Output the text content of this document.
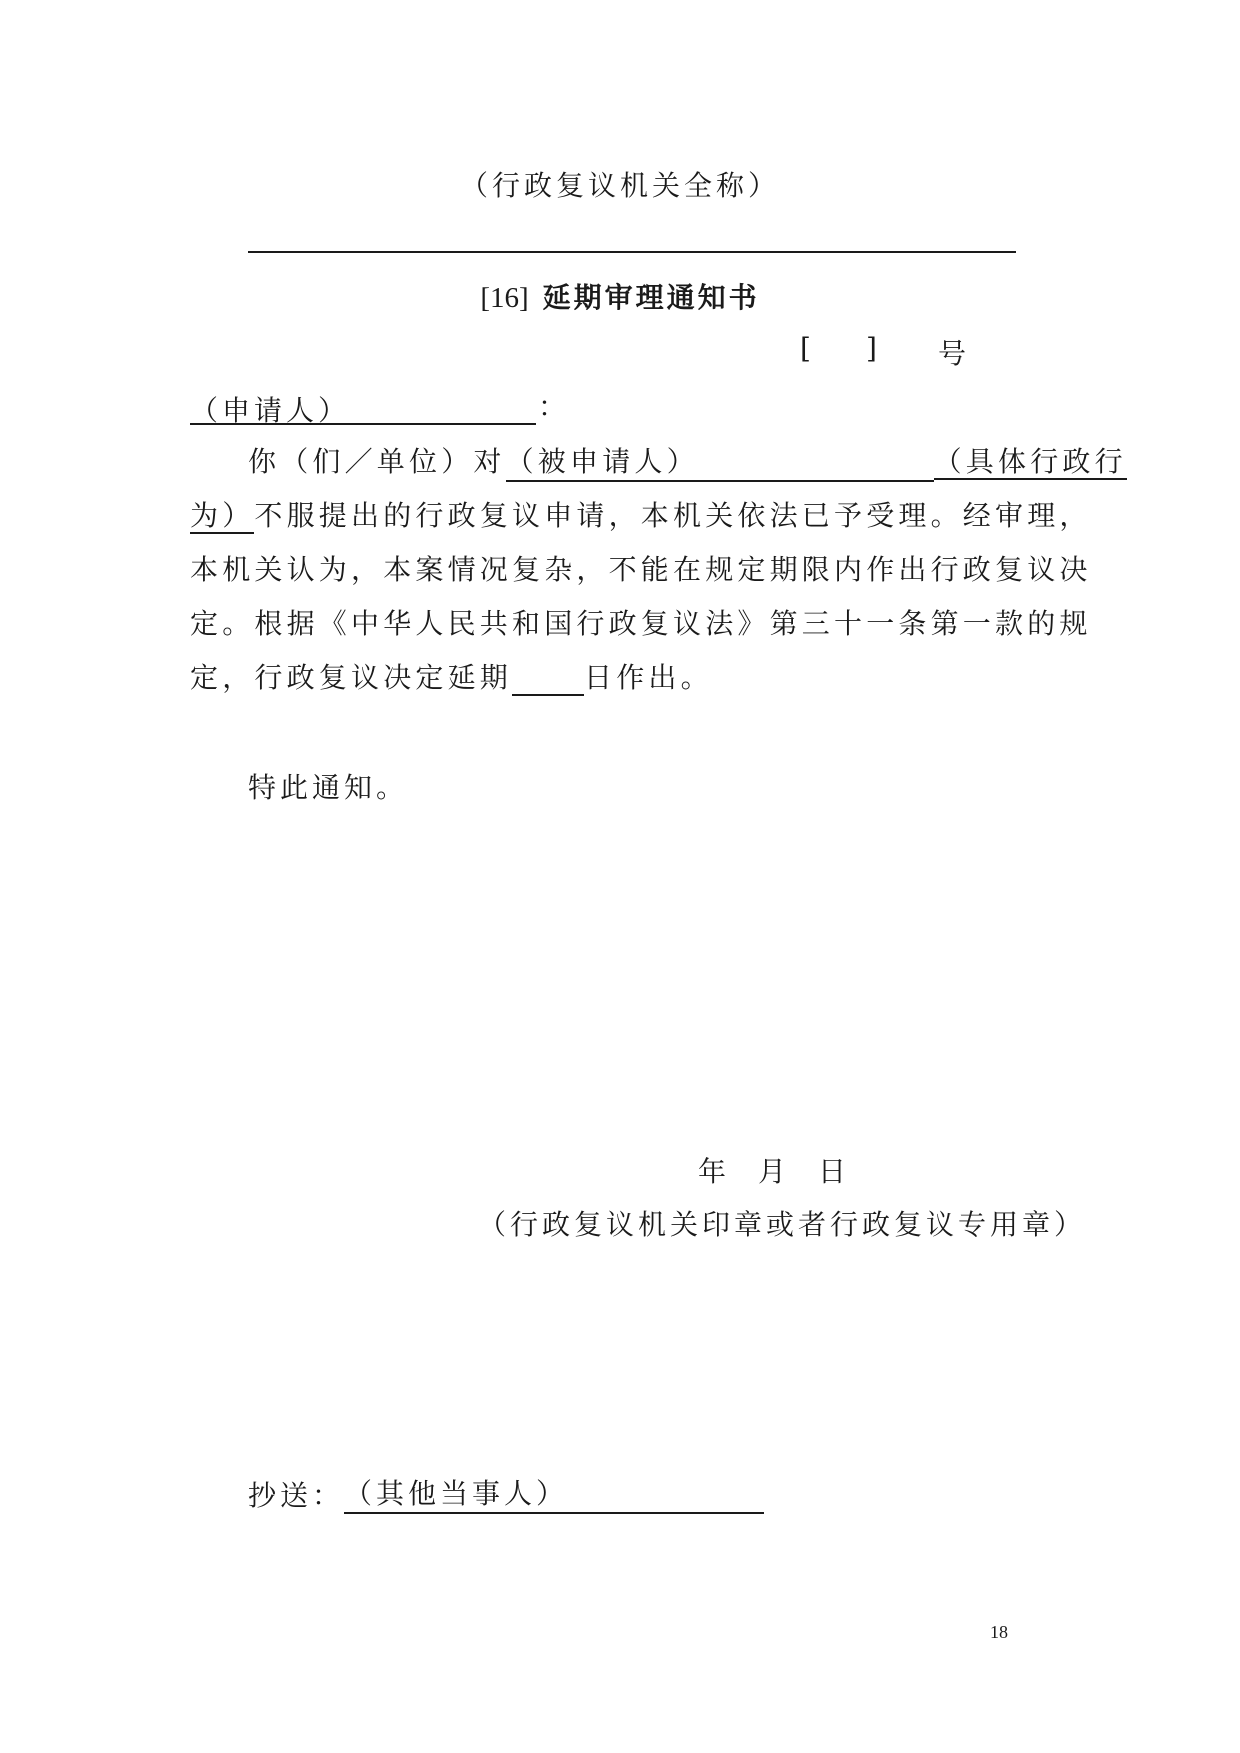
（行政复议机关全称）
[16] 延期审理通知书
[ ] 号
（申请人）	：
你（们／单位）对（被申请人）	（具体行政行
为）不服提出的行政复议申请，本机关依法已予受理。经审理，
本机关认为，本案情况复杂，不能在规定期限内作出行政复议决
定。根据《中华人民共和国行政复议法》第三十一条第一款的规
定，行政复议决定延期	日作出。
特此通知。
年 月 日
（行政复议机关印章或者行政复议专用章）
抄送：（其他当事人）
18
